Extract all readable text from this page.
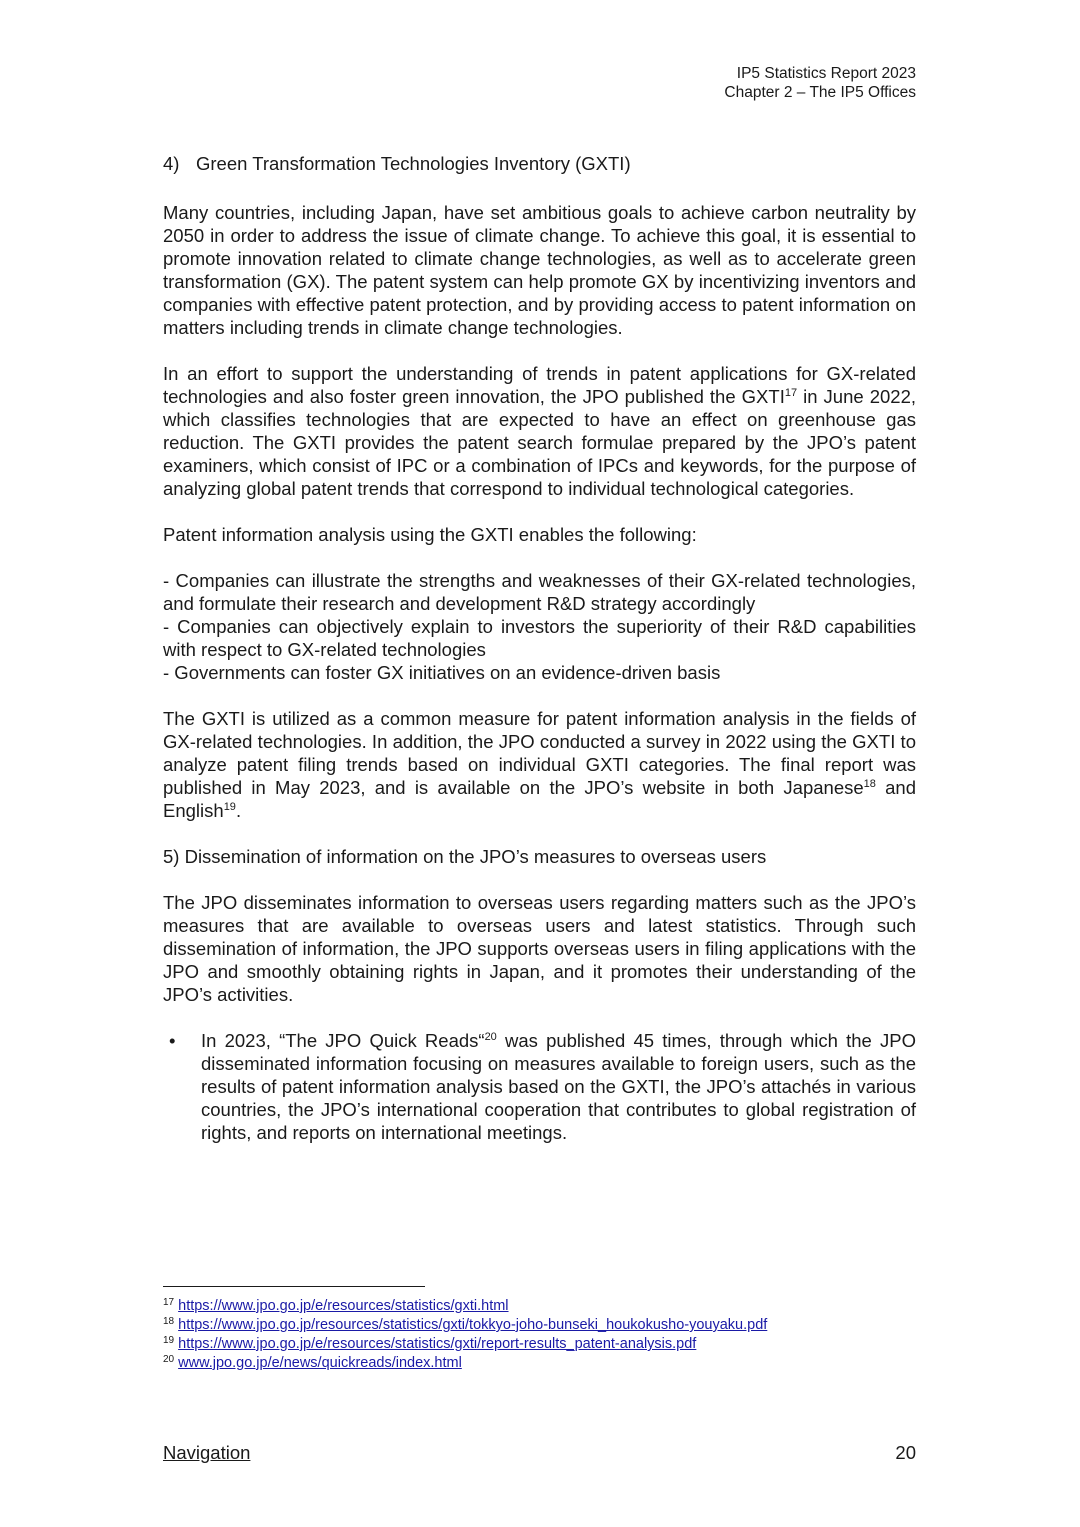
IP5 Statistics Report 2023
Chapter 2 – The IP5 Offices
4) Green Transformation Technologies Inventory (GXTI)

Many countries, including Japan, have set ambitious goals to achieve carbon neutrality by 2050 in order to address the issue of climate change. To achieve this goal, it is essential to promote innovation related to climate change technologies, as well as to accelerate green transformation (GX). The patent system can help promote GX by incentivizing inventors and companies with effective patent protection, and by providing access to patent information on matters including trends in climate change technologies.

In an effort to support the understanding of trends in patent applications for GX-related technologies and also foster green innovation, the JPO published the GXTI$^{17}$ in June 2022, which classifies technologies that are expected to have an effect on greenhouse gas reduction. The GXTI provides the patent search formulae prepared by the JPO’s patent examiners, which consist of IPC or a combination of IPCs and keywords, for the purpose of analyzing global patent trends that correspond to individual technological categories.

Patent information analysis using the GXTI enables the following:

- Companies can illustrate the strengths and weaknesses of their GX-related technologies, and formulate their research and development R&D strategy accordingly

- Companies can objectively explain to investors the superiority of their R&D capabilities with respect to GX-related technologies

- Governments can foster GX initiatives on an evidence-driven basis

The GXTI is utilized as a common measure for patent information analysis in the fields of GX-related technologies. In addition, the JPO conducted a survey in 2022 using the GXTI to analyze patent filing trends based on individual GXTI categories. The final report was published in May 2023, and is available on the JPO’s website in both Japanese$^{18}$ and English$^{19}$.

5) Dissemination of information on the JPO’s measures to overseas users

The JPO disseminates information to overseas users regarding matters such as the JPO’s measures that are available to overseas users and latest statistics. Through such dissemination of information, the JPO supports overseas users in filing applications with the JPO and smoothly obtaining rights in Japan, and it promotes their understanding of the JPO’s activities.

• In 2023, “The JPO Quick Reads“$^{20}$ was published 45 times, through which the JPO disseminated information focusing on measures available to foreign users, such as the results of patent information analysis based on the GXTI, the JPO’s attachés in various countries, the JPO’s international cooperation that contributes to global registration of rights, and reports on international meetings.
$^{17}$ https://www.jpo.go.jp/e/resources/statistics/gxti.html
$^{18}$ https://www.jpo.go.jp/resources/statistics/gxti/tokkyo-joho-bunseki_houkokusho-youyaku.pdf
$^{19}$ https://www.jpo.go.jp/e/resources/statistics/gxti/report-results_patent-analysis.pdf
$^{20}$ www.jpo.go.jp/e/news/quickreads/index.html
Navigation	20
